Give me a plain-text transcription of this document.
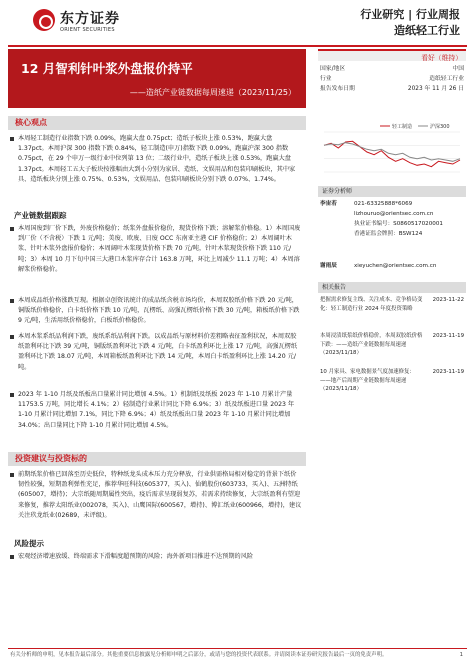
东方证券
ORIENT SECURITIES
行业研究 | 行业周报
造纸轻工行业
12 月智利针叶浆外盘报价持平
——造纸产业链数据每周速递（2023/11/25）
核心观点
本周轻工制造行业指数下跌 0.09%，跑赢大盘 0.75pct；造纸子板块上涨 0.53%，跑赢大盘 1.37pct。本周沪深 300 指数下跌 0.84%，轻工制造(申万)指数下跌 0.09%，跑赢沪深 300 指数 0.75pct，在 29 个申万一级行业中位列第 13 位；二级行业中，造纸子板块上涨 0.53%，跑赢大盘 1.37pct。本周轻工五大子板块按涨幅由大到小分别为家居、造纸、文娱用品和包装印刷板块，其中家具、造纸板块分别上涨 0.75%、0.53%，文娱用品、包装印刷板块分别下跌 0.07%、1.74%。
产业链数据跟踪
本周国废到厂价下跌，外废价格稳价；纸浆外盘报价稳价，现货价格下跌；溶解浆价格稳。1）本周国废到厂价（不含税）下跌 1 元/吨；美废、欧废、日废 OCC 东南亚主港 CIF 价格稳价；2）本周阔叶木浆、针叶木浆外盘报价稳价；本周阔叶木浆现货价格下跌 70 元/吨，针叶木浆现货价格下跌 110 元/吨；3）本周 10 月下旬中国三大港口木浆库存合计 163.8 万吨，环比上周减少 11.1 万吨；4）本周溶解浆价格稳价。
本周成品纸价格涨跌互现。根据卓创资讯统计的成品纸含税市场均价，本周双胶纸价格下跌 20 元/吨，铜版纸价格稳价，白卡纸价格下跌 10 元/吨，瓦楞纸、高强瓦楞纸价格下跌 30 元/吨，箱板纸价格下跌 9 元/吨，生活用纸价格稳价，白板纸价格稳价。
本周木浆系纸品利润下跌，废纸系纸品利润下跌。以成品纸与原材料价差粗略表征盈利状况，本周双胶纸盈利环比下跌 39 元/吨，铜版纸盈利环比下跌 4 元/吨，白卡纸盈利环比上涨 17 元/吨，高强瓦楞纸盈利环比下跌 18.07 元/吨，本周箱板纸盈利环比下跌 14 元/吨，本周白卡纸盈利环比上涨 14.20 元/吨。
2023 年 1-10 月纸及纸板出口量累计同比增加 4.5%。1）机制纸及纸板 2023 年 1-10 月累计产量 11753.5 万吨，同比增长 4.1%；2）轻制造行业累计同比下降 6.9%；3）纸及纸板进口量 2023 年 1-10 月累计同比增加 7.1%，同比下降 6.9%；4）纸及纸板出口量 2023 年 1-10 月累计同比增加 34.0%；出口量同比下降 1-10 月累计同比增加 4.5%。
投资建议与投资标的
前期纸浆价格已回落至历史低位，特种纸龙头成本压力充分释放，行业供需格局相对稳定的背景下纸价韧性较强，短期盈利弹性充足，推荐华旺科技(605377，买入)、仙鹤股份(603733，买入)、五洲特纸(605007，增持)；大宗纸随周期属性突出，疫后需求呈现弱复苏，若需求持续修复，大宗纸盈利有望迎来修复，推荐太阳纸业(002078，买入)、山鹰国际(600567，增持)、博汇纸业(600966，增持)，建议关注玖龙纸业(02689，未评级)。
风险提示
宏观经济增速放缓、终端需求下滑幅度超预期的风险；海外新项目推进不达预期的风险
看好（维持）
国家/地区	中国
行业	造纸轻工行业
报告发布日期	2023 年 11 月 26 日
轻工制造	沪深300
证券分析师
李宙若	021-63325888*6069
lizhouruo@orientsec.com.cn
执业证书编号：S0860517020001
香港证监会牌照：BSW124
谢雨辰	xieyuchen@orientsec.com.cn
相关报告
把握需求修复主线、关注成本、竞争格局变化：轻工制造行业 2024 年度投资策略
2023-11-22
本周浸渍纸浆纸价格稳价，本周双胶纸价格下跌：——造纸产业链数据每周速递（2023/11/18）
2023-11-19
10 月家具、家电数据景气度加速修复：——地产后周期产业链数据每周速递（2023/11/18）
2023-11-19
有关分析师的申明，见本报告最后部分。其他重要信息披露见分析师申明之后部分，或请与您的投资代表联系。并请阅读本证券研究报告最后一页的免责声明。	1
